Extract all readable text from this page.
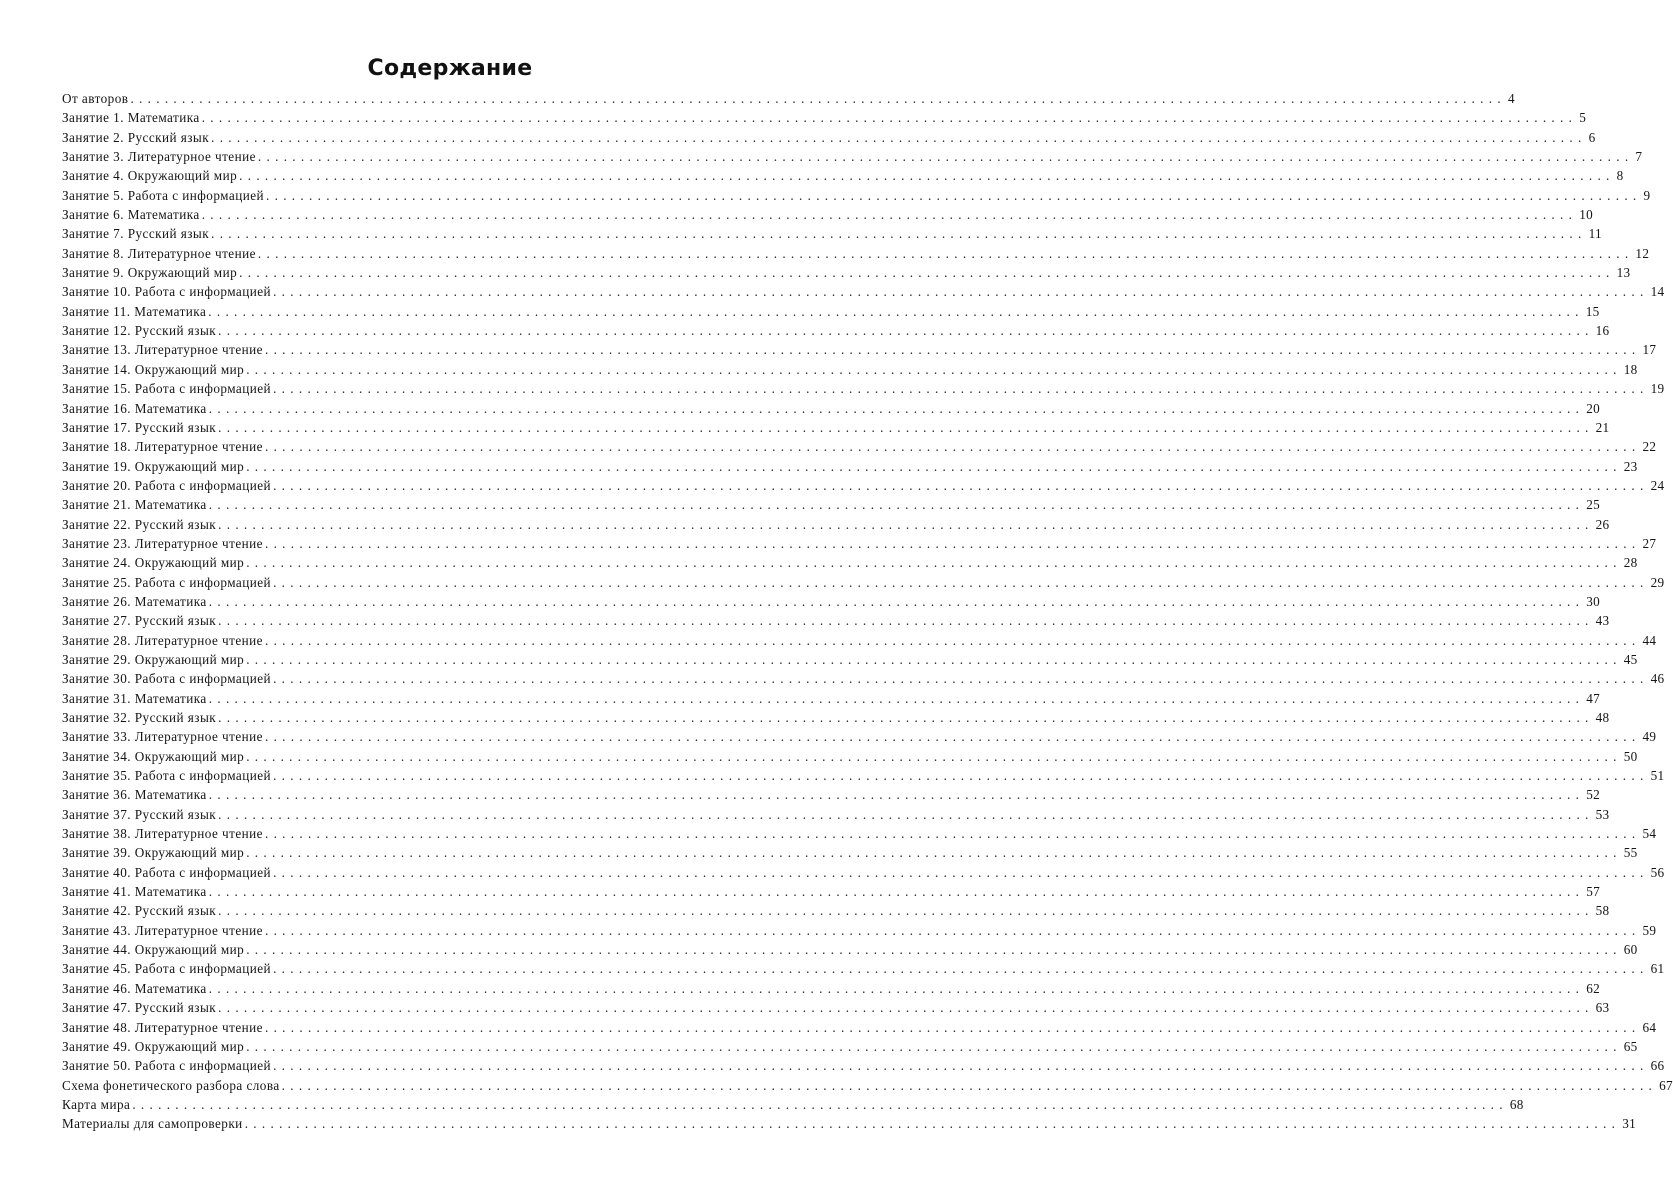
Содержание
От авторов ................................................................................................................................................................ 4
Занятие 1. Математика ................................................................................................................................................................ 5
Занятие 2. Русский язык ................................................................................................................................................................ 6
Занятие 3. Литературное чтение ................................................................................................................................................................ 7
Занятие 4. Окружающий мир ................................................................................................................................................................ 8
Занятие 5. Работа с информацией ................................................................................................................................................................ 9
Занятие 6. Математика ................................................................................................................................................................ 10
Занятие 7. Русский язык ................................................................................................................................................................ 11
Занятие 8. Литературное чтение ................................................................................................................................................................ 12
Занятие 9. Окружающий мир ................................................................................................................................................................ 13
Занятие 10. Работа с информацией ................................................................................................................................................................ 14
Занятие 11. Математика ................................................................................................................................................................ 15
Занятие 12. Русский язык ................................................................................................................................................................ 16
Занятие 13. Литературное чтение ................................................................................................................................................................ 17
Занятие 14. Окружающий мир ................................................................................................................................................................ 18
Занятие 15. Работа с информацией ................................................................................................................................................................ 19
Занятие 16. Математика ................................................................................................................................................................ 20
Занятие 17. Русский язык ................................................................................................................................................................ 21
Занятие 18. Литературное чтение ................................................................................................................................................................ 22
Занятие 19. Окружающий мир ................................................................................................................................................................ 23
Занятие 20. Работа с информацией ................................................................................................................................................................ 24
Занятие 21. Математика ................................................................................................................................................................ 25
Занятие 22. Русский язык ................................................................................................................................................................ 26
Занятие 23. Литературное чтение ................................................................................................................................................................ 27
Занятие 24. Окружающий мир ................................................................................................................................................................ 28
Занятие 25. Работа с информацией ................................................................................................................................................................ 29
Занятие 26. Математика ................................................................................................................................................................ 30
Занятие 27. Русский язык ................................................................................................................................................................ 43
Занятие 28. Литературное чтение ................................................................................................................................................................ 44
Занятие 29. Окружающий мир ................................................................................................................................................................ 45
Занятие 30. Работа с информацией ................................................................................................................................................................ 46
Занятие 31. Математика ................................................................................................................................................................ 47
Занятие 32. Русский язык ................................................................................................................................................................ 48
Занятие 33. Литературное чтение ................................................................................................................................................................ 49
Занятие 34. Окружающий мир ................................................................................................................................................................ 50
Занятие 35. Работа с информацией ................................................................................................................................................................ 51
Занятие 36. Математика ................................................................................................................................................................ 52
Занятие 37. Русский язык ................................................................................................................................................................ 53
Занятие 38. Литературное чтение ................................................................................................................................................................ 54
Занятие 39. Окружающий мир ................................................................................................................................................................ 55
Занятие 40. Работа с информацией ................................................................................................................................................................ 56
Занятие 41. Математика ................................................................................................................................................................ 57
Занятие 42. Русский язык ................................................................................................................................................................ 58
Занятие 43. Литературное чтение ................................................................................................................................................................ 59
Занятие 44. Окружающий мир ................................................................................................................................................................ 60
Занятие 45. Работа с информацией ................................................................................................................................................................ 61
Занятие 46. Математика ................................................................................................................................................................ 62
Занятие 47. Русский язык ................................................................................................................................................................ 63
Занятие 48. Литературное чтение ................................................................................................................................................................ 64
Занятие 49. Окружающий мир ................................................................................................................................................................ 65
Занятие 50. Работа с информацией ................................................................................................................................................................ 66
Схема фонетического разбора слова ................................................................................................................................................................ 67
Карта мира ................................................................................................................................................................ 68
Материалы для самопроверки ................................................................................................................................................................ 31
